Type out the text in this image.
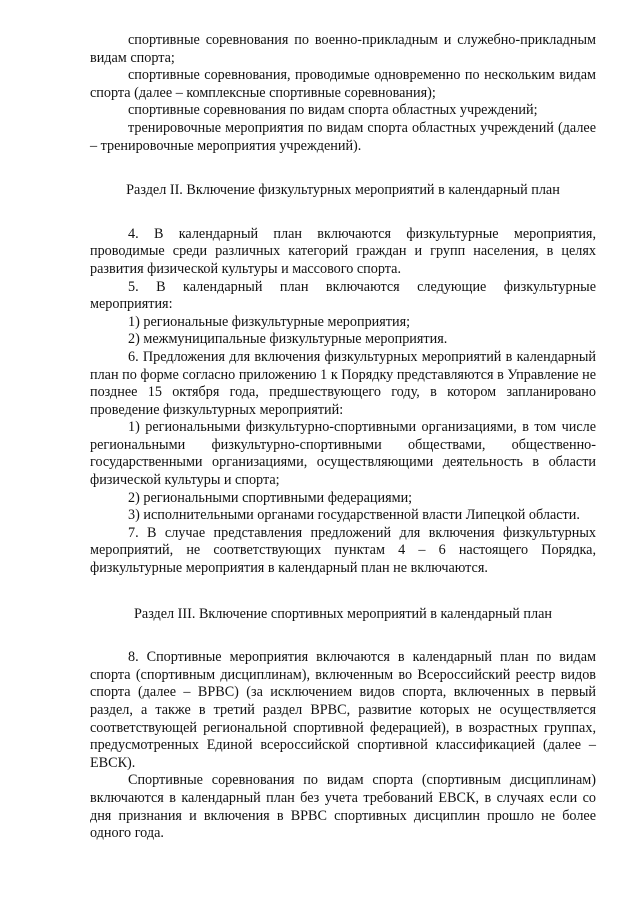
спортивные соревнования по военно-прикладным и служебно-прикладным видам спорта;

спортивные соревнования, проводимые одновременно по нескольким видам спорта (далее – комплексные спортивные соревнования);

спортивные соревнования по видам спорта областных учреждений;

тренировочные мероприятия по видам спорта областных учреждений (далее – тренировочные мероприятия учреждений).

Раздел II. Включение физкультурных мероприятий в календарный план

4. В календарный план включаются физкультурные мероприятия, проводимые среди различных категорий граждан и групп населения, в целях развития физической культуры и массового спорта.

5. В календарный план включаются следующие физкультурные мероприятия:

1) региональные физкультурные мероприятия;

2) межмуниципальные физкультурные мероприятия.

6. Предложения для включения физкультурных мероприятий в календарный план по форме согласно приложению 1 к Порядку представляются в Управление не позднее 15 октября года, предшествующего году, в котором запланировано проведение физкультурных мероприятий:

1) региональными физкультурно-спортивными организациями, в том числе региональными физкультурно-спортивными обществами, общественно-государственными организациями, осуществляющими деятельность в области физической культуры и спорта;

2) региональными спортивными федерациями;

3) исполнительными органами государственной власти Липецкой области.

7. В случае представления предложений для включения физкультурных мероприятий, не соответствующих пунктам 4 – 6 настоящего Порядка, физкультурные мероприятия в календарный план не включаются.

Раздел III. Включение спортивных мероприятий в календарный план

8. Спортивные мероприятия включаются в календарный план по видам спорта (спортивным дисциплинам), включенным во Всероссийский реестр видов спорта (далее – ВРВС) (за исключением видов спорта, включенных в первый раздел, а также в третий раздел ВРВС, развитие которых не осуществляется соответствующей региональной спортивной федерацией), в возрастных группах, предусмотренных Единой всероссийской спортивной классификацией (далее – ЕВСК).

Спортивные соревнования по видам спорта (спортивным дисциплинам) включаются в календарный план без учета требований ЕВСК, в случаях если со дня признания и включения в ВРВС спортивных дисциплин прошло не более одного года.
